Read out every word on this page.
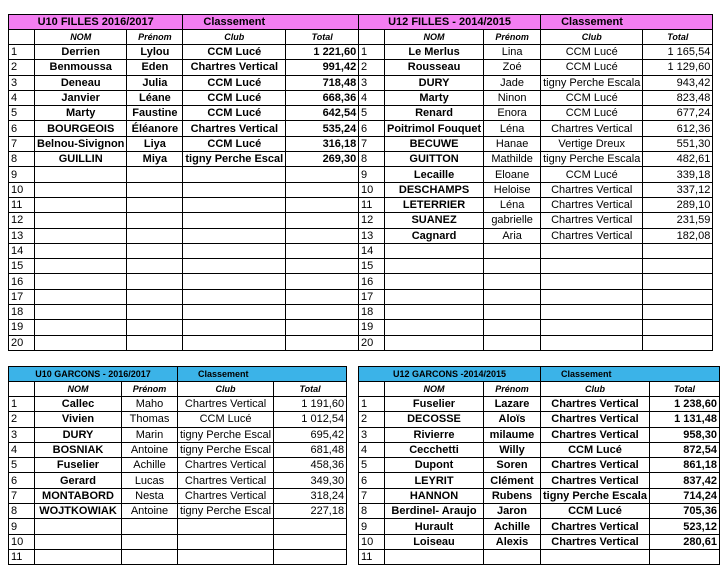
U10 FILLES 2016/2017			Classement	
	NOM	Prénom	Club	Total
1	Derrien	Lylou	CCM Lucé	1 221,60
2	Benmoussa	Eden	Chartres Vertical	991,42
3	Deneau	Julia	CCM Lucé	718,48
4	Janvier	Léane	CCM Lucé	668,36
5	Marty	Faustine	CCM Lucé	642,54
6	BOURGEOIS	Éléanore	Chartres Vertical	535,24
7	Belnou-Sivignon	Liya	CCM Lucé	316,18
8	GUILLIN	Miya	tigny Perche Escal	269,30
9				
10				
11				
12				
13				
14				
15				
16				
17				
18				
19				
20				
U12 FILLES - 2014/2015			Classement	
	NOM	Prénom	Club	Total
1	Le Merlus	Lina	CCM Lucé	1 165,54
2	Rousseau	Zoé	CCM Lucé	1 129,60
3	DURY	Jade	tigny Perche Escala	943,42
4	Marty	Ninon	CCM Lucé	823,48
5	Renard	Enora	CCM Lucé	677,24
6	Poitrimol Fouquet	Léna	Chartres Vertical	612,36
7	BECUWE	Hanae	Vertige Dreux	551,30
8	GUITTON	Mathilde	tigny Perche Escala	482,61
9	Lecaille	Eloane	CCM Lucé	339,18
10	DESCHAMPS	Heloise	Chartres Vertical	337,12
11	LETERRIER	Léna	Chartres Vertical	289,10
12	SUANEZ	gabrielle	Chartres Vertical	231,59
13	Cagnard	Aria	Chartres Vertical	182,08
14				
15				
16				
17				
18				
19				
20				
U10 GARCONS - 2016/2017			Classement	
	NOM	Prénom	Club	Total
1	Callec	Maho	Chartres Vertical	1 191,60
2	Vivien	Thomas	CCM Lucé	1 012,54
3	DURY	Marin	tigny Perche Escal	695,42
4	BOSNIAK	Antoine	tigny Perche Escal	681,48
5	Fuselier	Achille	Chartres Vertical	458,36
6	Gerard	Lucas	Chartres Vertical	349,30
7	MONTABORD	Nesta	Chartres Vertical	318,24
8	WOJTKOWIAK	Antoine	tigny Perche Escal	227,18
9				
10				
11				
U12 GARCONS -2014/2015			Classement	
	NOM	Prénom	Club	Total
1	Fuselier	Lazare	Chartres Vertical	1 238,60
2	DECOSSE	Aloïs	Chartres Vertical	1 131,48
3	Rivierre	milaume	Chartres Vertical	958,30
4	Cecchetti	Willy	CCM Lucé	872,54
5	Dupont	Soren	Chartres Vertical	861,18
6	LEYRIT	Clément	Chartres Vertical	837,42
7	HANNON	Rubens	tigny Perche Escala	714,24
8	Berdinel- Araujo	Jaron	CCM Lucé	705,36
9	Hurault	Achille	Chartres Vertical	523,12
10	Loiseau	Alexis	Chartres Vertical	280,61
11				
